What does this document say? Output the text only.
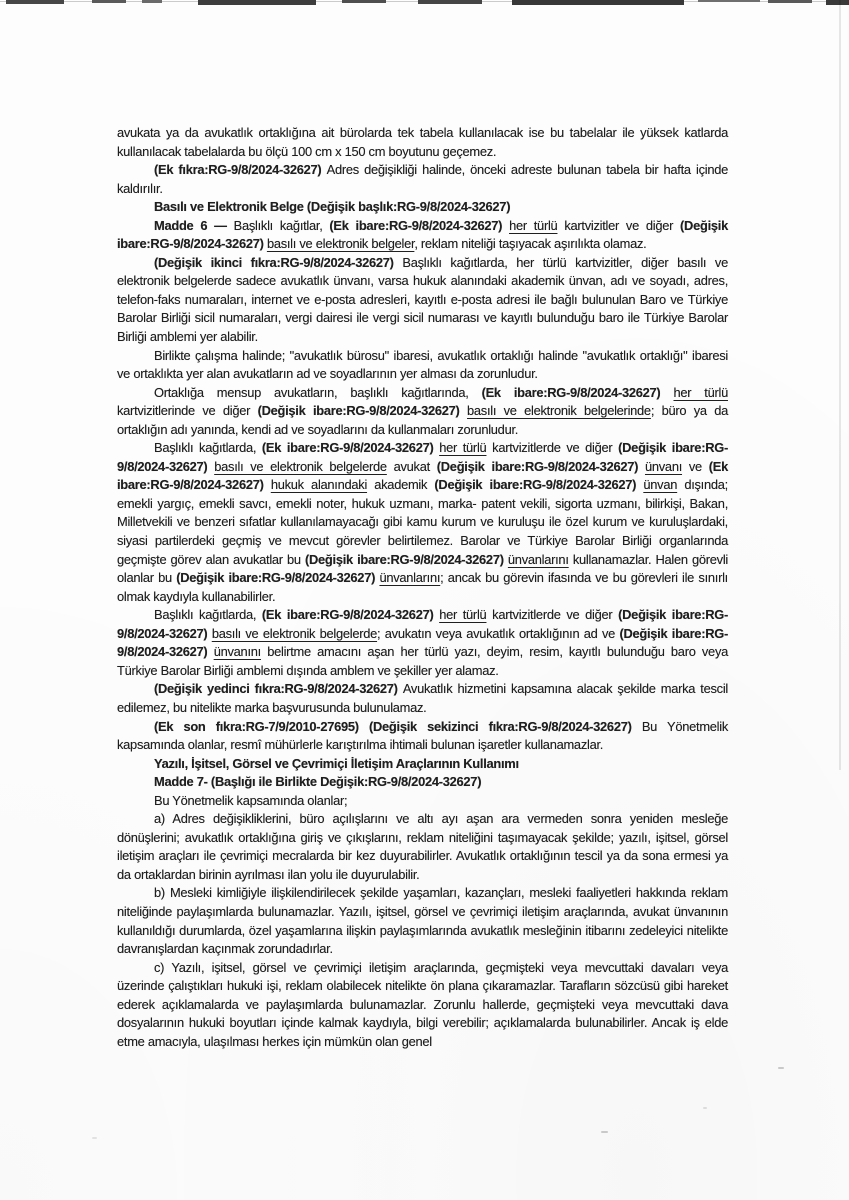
avukata ya da avukatlık ortaklığına ait bürolarda tek tabela kullanılacak ise bu tabelalar ile yüksek katlarda kullanılacak tabelalarda bu ölçü 100 cm x 150 cm boyutunu geçemez.

(Ek fıkra:RG-9/8/2024-32627) Adres değişikliği halinde, önceki adreste bulunan tabela bir hafta içinde kaldırılır.

Basılı ve Elektronik Belge (Değişik başlık:RG-9/8/2024-32627)

Madde 6 — Başlıklı kağıtlar, (Ek ibare:RG-9/8/2024-32627) her türlü kartvizitler ve diğer (Değişik ibare:RG-9/8/2024-32627) basılı ve elektronik belgeler, reklam niteliği taşıyacak aşırılıkta olamaz.

(Değişik ikinci fıkra:RG-9/8/2024-32627) Başlıklı kağıtlarda, her türlü kartvizitler, diğer basılı ve elektronik belgelerde sadece avukatlık ünvanı, varsa hukuk alanındaki akademik ünvan, adı ve soyadı, adres, telefon-faks numaraları, internet ve e-posta adresleri, kayıtlı e-posta adresi ile bağlı bulunulan Baro ve Türkiye Barolar Birliği sicil numaraları, vergi dairesi ile vergi sicil numarası ve kayıtlı bulunduğu baro ile Türkiye Barolar Birliği amblemi yer alabilir.

Birlikte çalışma halinde; "avukatlık bürosu" ibaresi, avukatlık ortaklığı halinde "avukatlık ortaklığı" ibaresi ve ortaklıkta yer alan avukatların ad ve soyadlarının yer alması da zorunludur.

Ortaklığa mensup avukatların, başlıklı kağıtlarında, (Ek ibare:RG-9/8/2024-32627) her türlü kartvizitlerinde ve diğer (Değişik ibare:RG-9/8/2024-32627) basılı ve elektronik belgelerinde; büro ya da ortaklığın adı yanında, kendi ad ve soyadlarını da kullanmaları zorunludur.

Başlıklı kağıtlarda, (Ek ibare:RG-9/8/2024-32627) her türlü kartvizitlerde ve diğer (Değişik ibare:RG-9/8/2024-32627) basılı ve elektronik belgelerde avukat (Değişik ibare:RG-9/8/2024-32627) ünvanı ve (Ek ibare:RG-9/8/2024-32627) hukuk alanındaki akademik (Değişik ibare:RG-9/8/2024-32627) ünvan dışında; emekli yargıç, emekli savcı, emekli noter, hukuk uzmanı, marka- patent vekili, sigorta uzmanı, bilirkişi, Bakan, Milletvekili ve benzeri sıfatlar kullanılamayacağı gibi kamu kurum ve kuruluşu ile özel kurum ve kuruluşlardaki, siyasi partilerdeki geçmiş ve mevcut görevler belirtilemez. Barolar ve Türkiye Barolar Birliği organlarında geçmişte görev alan avukatlar bu (Değişik ibare:RG-9/8/2024-32627) ünvanlarını kullanamazlar. Halen görevli olanlar bu (Değişik ibare:RG-9/8/2024-32627) ünvanlarını; ancak bu görevin ifasında ve bu görevleri ile sınırlı olmak kaydıyla kullanabilirler.

Başlıklı kağıtlarda, (Ek ibare:RG-9/8/2024-32627) her türlü kartvizitlerde ve diğer (Değişik ibare:RG-9/8/2024-32627) basılı ve elektronik belgelerde; avukatın veya avukatlık ortaklığının ad ve (Değişik ibare:RG-9/8/2024-32627) ünvanını belirtme amacını aşan her türlü yazı, deyim, resim, kayıtlı bulunduğu baro veya Türkiye Barolar Birliği amblemi dışında amblem ve şekiller yer alamaz.

(Değişik yedinci fıkra:RG-9/8/2024-32627) Avukatlık hizmetini kapsamına alacak şekilde marka tescil edilemez, bu nitelikte marka başvurusunda bulunulamaz.

(Ek son fıkra:RG-7/9/2010-27695) (Değişik sekizinci fıkra:RG-9/8/2024-32627) Bu Yönetmelik kapsamında olanlar, resmî mühürlerle karıştırılma ihtimali bulunan işaretler kullanamazlar.

Yazılı, İşitsel, Görsel ve Çevrimiçi İletişim Araçlarının Kullanımı

Madde 7- (Başlığı ile Birlikte Değişik:RG-9/8/2024-32627)

Bu Yönetmelik kapsamında olanlar;

a) Adres değişikliklerini, büro açılışlarını ve altı ayı aşan ara vermeden sonra yeniden mesleğe dönüşlerini; avukatlık ortaklığına giriş ve çıkışlarını, reklam niteliğini taşımayacak şekilde; yazılı, işitsel, görsel iletişim araçları ile çevrimiçi mecralarda bir kez duyurabilirler. Avukatlık ortaklığının tescil ya da sona ermesi ya da ortaklardan birinin ayrılması ilan yolu ile duyurulabilir.

b) Mesleki kimliğiyle ilişkilendirilecek şekilde yaşamları, kazançları, mesleki faaliyetleri hakkında reklam niteliğinde paylaşımlarda bulunamazlar. Yazılı, işitsel, görsel ve çevrimiçi iletişim araçlarında, avukat ünvanının kullanıldığı durumlarda, özel yaşamlarına ilişkin paylaşımlarında avukatlık mesleğinin itibarını zedeleyici nitelikte davranışlardan kaçınmak zorundadırlar.

c) Yazılı, işitsel, görsel ve çevrimiçi iletişim araçlarında, geçmişteki veya mevcuttaki davaları veya üzerinde çalıştıkları hukuki işi, reklam olabilecek nitelikte ön plana çıkaramazlar. Tarafların sözcüsü gibi hareket ederek açıklamalarda ve paylaşımlarda bulunamazlar. Zorunlu hallerde, geçmişteki veya mevcuttaki dava dosyalarının hukuki boyutları içinde kalmak kaydıyla, bilgi verebilir; açıklamalarda bulunabilirler. Ancak iş elde etme amacıyla, ulaşılması herkes için mümkün olan genel
